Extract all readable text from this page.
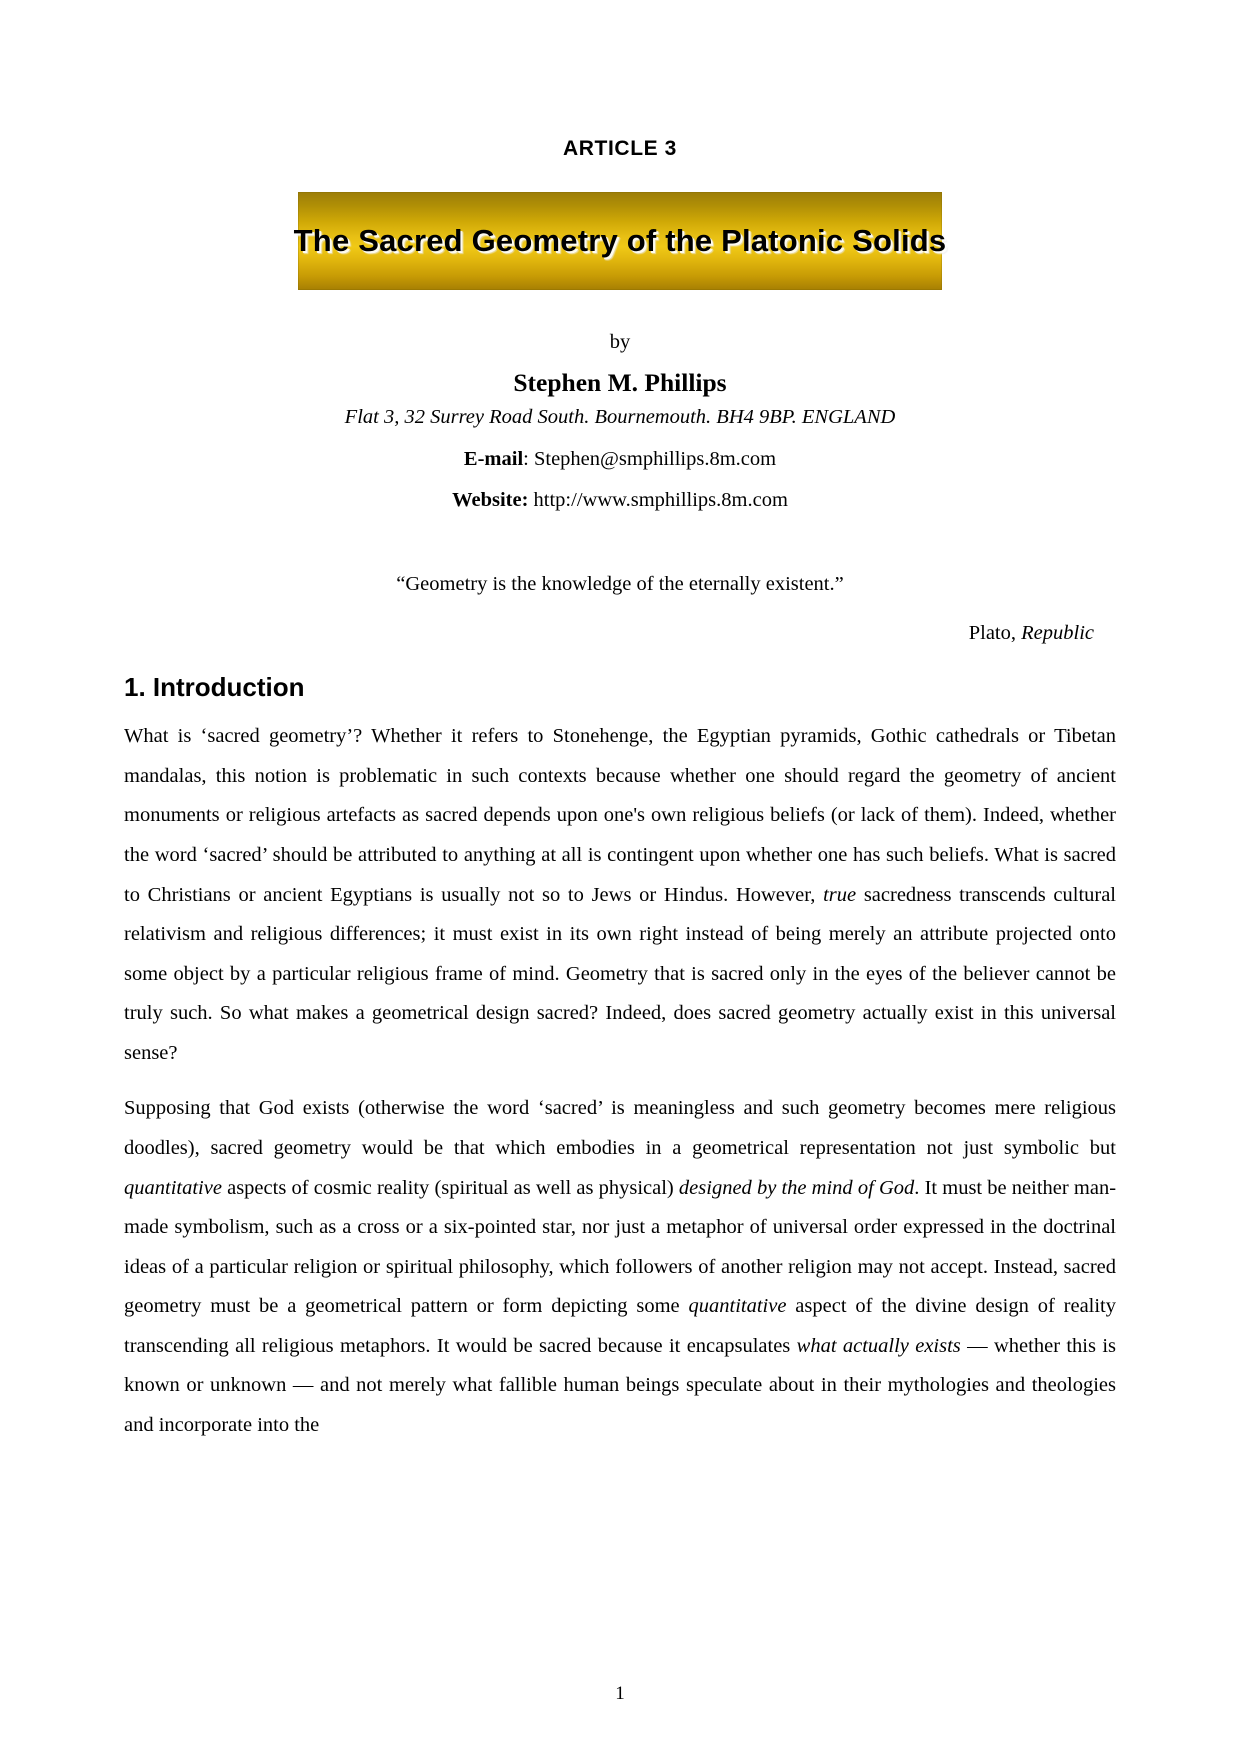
ARTICLE 3
The Sacred Geometry of the Platonic Solids
by
Stephen M. Phillips
Flat 3, 32 Surrey Road South. Bournemouth. BH4 9BP. ENGLAND
E-mail: Stephen@smphillips.8m.com
Website: http://www.smphillips.8m.com
“Geometry is the knowledge of the eternally existent.”
Plato, Republic
1. Introduction
What is ‘sacred geometry’? Whether it refers to Stonehenge, the Egyptian pyramids, Gothic cathedrals or Tibetan mandalas, this notion is problematic in such contexts because whether one should regard the geometry of ancient monuments or religious artefacts as sacred depends upon one's own religious beliefs (or lack of them). Indeed, whether the word ‘sacred’ should be attributed to anything at all is contingent upon whether one has such beliefs. What is sacred to Christians or ancient Egyptians is usually not so to Jews or Hindus. However, true sacredness transcends cultural relativism and religious differences; it must exist in its own right instead of being merely an attribute projected onto some object by a particular religious frame of mind. Geometry that is sacred only in the eyes of the believer cannot be truly such. So what makes a geometrical design sacred? Indeed, does sacred geometry actually exist in this universal sense?
Supposing that God exists (otherwise the word ‘sacred’ is meaningless and such geometry becomes mere religious doodles), sacred geometry would be that which embodies in a geometrical representation not just symbolic but quantitative aspects of cosmic reality (spiritual as well as physical) designed by the mind of God. It must be neither man-made symbolism, such as a cross or a six-pointed star, nor just a metaphor of universal order expressed in the doctrinal ideas of a particular religion or spiritual philosophy, which followers of another religion may not accept. Instead, sacred geometry must be a geometrical pattern or form depicting some quantitative aspect of the divine design of reality transcending all religious metaphors. It would be sacred because it encapsulates what actually exists — whether this is known or unknown — and not merely what fallible human beings speculate about in their mythologies and theologies and incorporate into the
1
